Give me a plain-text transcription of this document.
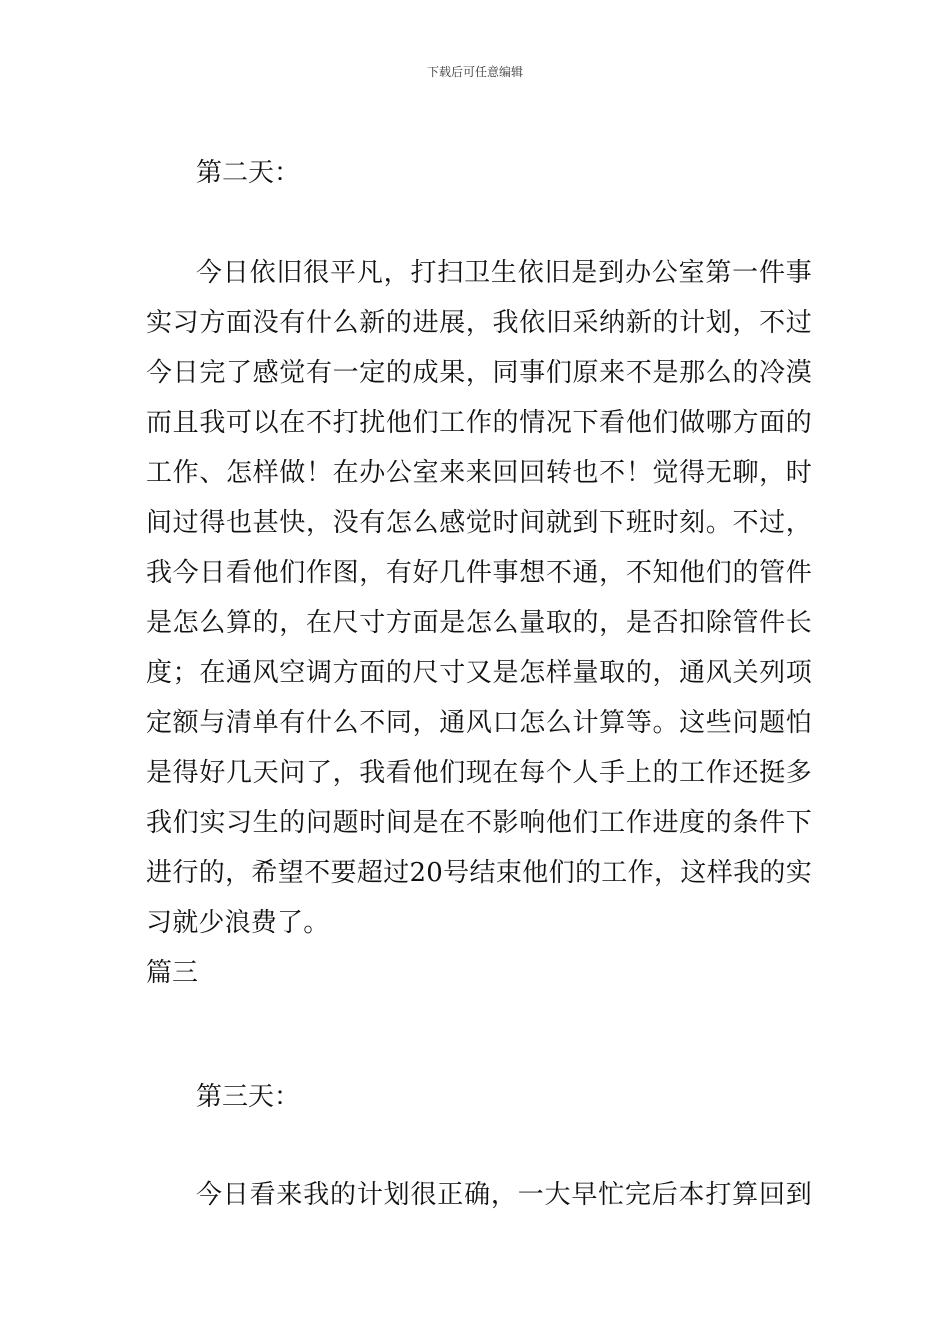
下载后可任意编辑

第二天：

今日依旧很平凡，打扫卫生依旧是到办公室第一件事
实习方面没有什么新的进展，我依旧采纳新的计划，不过
今日完了感觉有一定的成果，同事们原来不是那么的冷漠
而且我可以在不打扰他们工作的情况下看他们做哪方面的
工作、怎样做！在办公室来来回回转也不！觉得无聊，时
间过得也甚快，没有怎么感觉时间就到下班时刻。不过，
我今日看他们作图，有好几件事想不通，不知他们的管件
是怎么算的，在尺寸方面是怎么量取的，是否扣除管件长
度；在通风空调方面的尺寸又是怎样量取的，通风关列项
定额与清单有什么不同，通风口怎么计算等。这些问题怕
是得好几天问了，我看他们现在每个人手上的工作还挺多
我们实习生的问题时间是在不影响他们工作进度的条件下
进行的，希望不要超过20号结束他们的工作，这样我的实
习就少浪费了。

篇三

第三天：

今日看来我的计划很正确，一大早忙完后本打算回到
